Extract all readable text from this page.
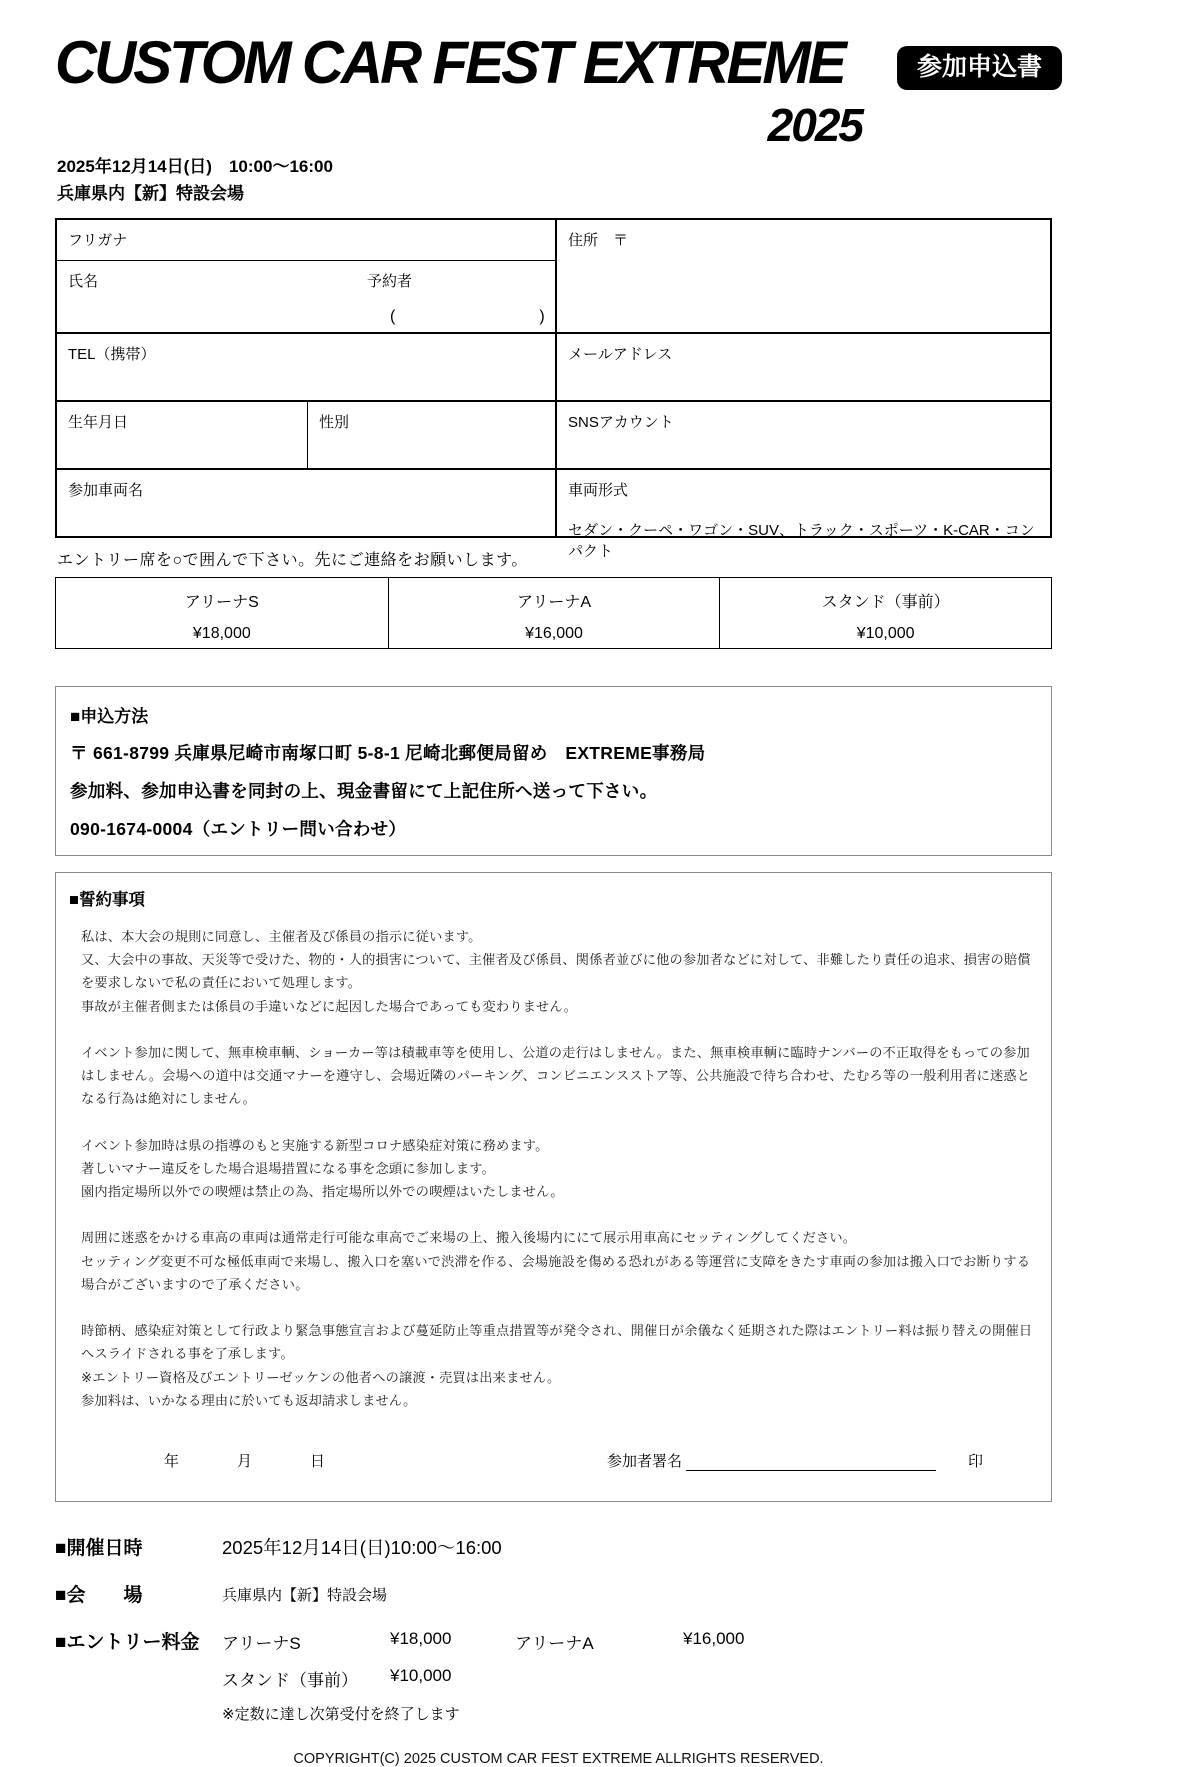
CUSTOM CAR FEST EXTREME
2025
参加申込書
2025年12月14日(日)　10:00〜16:00
兵庫県内【新】特設会場
フリガナ
氏名	予約者
(　　　　　　　　　)
住所　〒
TEL（携帯）	メールアドレス
生年月日	性別	SNSアカウント
参加車両名	車両形式
セダン・クーペ・ワゴン・SUV、トラック・スポーツ・K-CAR・コンパクト
エントリー席を○で囲んで下さい。先にご連絡をお願いします。
アリーナS
¥18,000
アリーナA
¥16,000
スタンド（事前）
¥10,000
■申込方法
〒 661-8799 兵庫県尼崎市南塚口町 5-8-1 尼崎北郵便局留め　EXTREME事務局
参加料、参加申込書を同封の上、現金書留にて上記住所へ送って下さい。
090-1674-0004（エントリー問い合わせ）
■誓約事項
私は、本大会の規則に同意し、主催者及び係員の指示に従います。
又、大会中の事故、天災等で受けた、物的・人的損害について、主催者及び係員、関係者並びに他の参加者などに対して、非難したり責任の追求、損害の賠償を要求しないで私の責任において処理します。
事故が主催者側または係員の手違いなどに起因した場合であっても変わりません。
イベント参加に関して、無車検車輌、ショーカー等は積載車等を使用し、公道の走行はしません。また、無車検車輌に臨時ナンバーの不正取得をもっての参加はしません。会場への道中は交通マナーを遵守し、会場近隣のパーキング、コンビニエンスストア等、公共施設で待ち合わせ、たむろ等の一般利用者に迷惑となる行為は絶対にしません。
イベント参加時は県の指導のもと実施する新型コロナ感染症対策に務めます。
著しいマナー違反をした場合退場措置になる事を念頭に参加します。
園内指定場所以外での喫煙は禁止の為、指定場所以外での喫煙はいたしません。
周囲に迷惑をかける車高の車両は通常走行可能な車高でご来場の上、搬入後場内ににて展示用車高にセッティングしてください。
セッティング変更不可な極低車両で来場し、搬入口を塞いで渋滞を作る、会場施設を傷める恐れがある等運営に支障をきたす車両の参加は搬入口でお断りする場合がございますので了承ください。
時節柄、感染症対策として行政より緊急事態宣言および蔓延防止等重点措置等が発令され、開催日が余儀なく延期された際はエントリー料は振り替えの開催日へスライドされる事を了承します。
※エントリー資格及びエントリーゼッケンの他者への譲渡・売買は出来ません。
参加料は、いかなる理由に於いても返却請求しません。
年	月	日	参加者署名	印
■開催日時	2025年12月14日(日)10:00〜16:00
■会　　場	兵庫県内【新】特設会場
■エントリー料金	アリーナS	¥18,000	アリーナA	¥16,000
スタンド（事前）	¥10,000
※定数に達し次第受付を終了します
COPYRIGHT(C) 2025 CUSTOM CAR FEST EXTREME ALLRIGHTS RESERVED.
